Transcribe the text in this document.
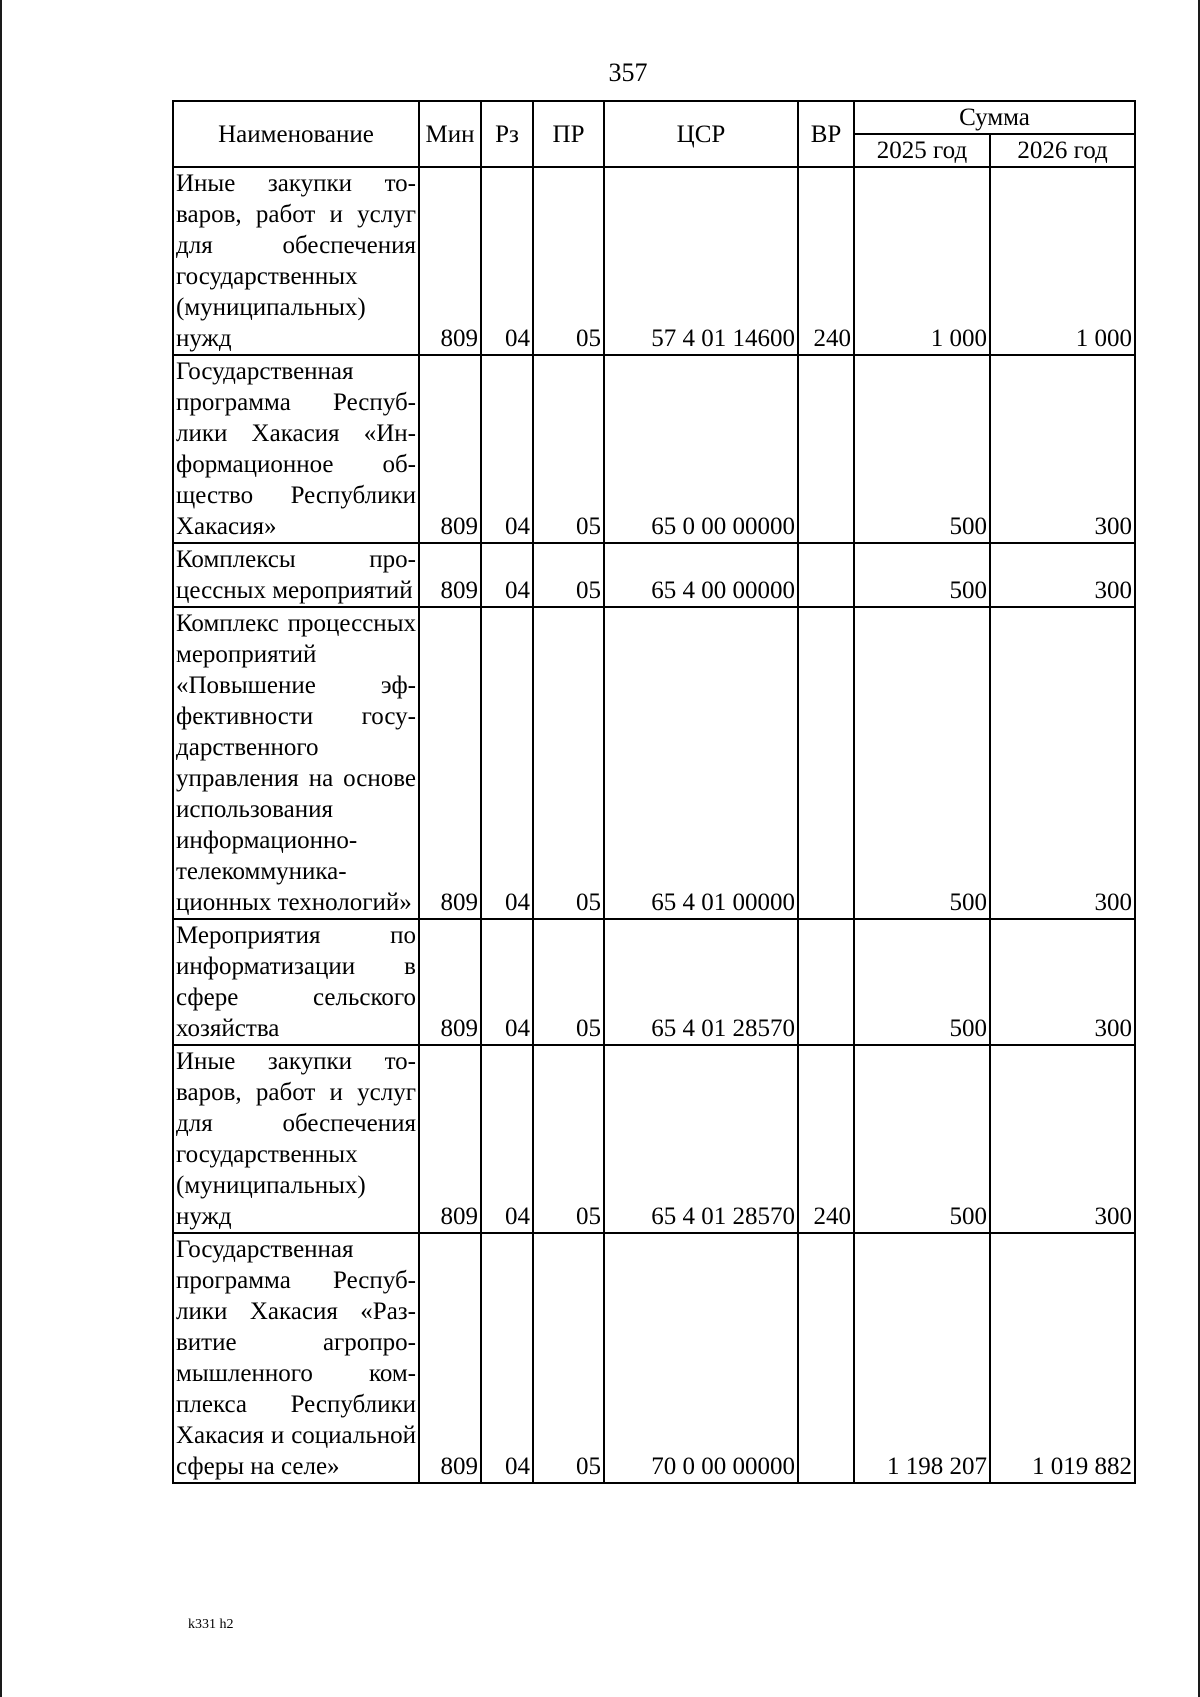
357
Наименование	Мин	Рз	ПР	ЦСР	ВР	Сумма	
						2025 год	2026 год
Иные закупки товаров, работ и услуг для обеспечения государственных (муниципальных) нужд	809	04	05	57 4 01 14600	240	1 000	1 000
Государственная программа Республики Хакасия «Информационное общество Республики Хакасия»	809	04	05	65 0 00 00000		500	300
Комплексы процессных мероприятий	809	04	05	65 4 00 00000		500	300
Комплекс процессных мероприятий «Повышение эффективности государственного управления на основе использования информационно-телекоммуникационных технологий»	809	04	05	65 4 01 00000		500	300
Мероприятия по информатизации в сфере сельского хозяйства	809	04	05	65 4 01 28570		500	300
Иные закупки товаров, работ и услуг для обеспечения государственных (муниципальных) нужд	809	04	05	65 4 01 28570	240	500	300
Государственная программа Республики Хакасия «Развитие агропромышленного комплекса Республики Хакасия и социальной сферы на селе»	809	04	05	70 0 00 00000		1 198 207	1 019 882
k331 h2
